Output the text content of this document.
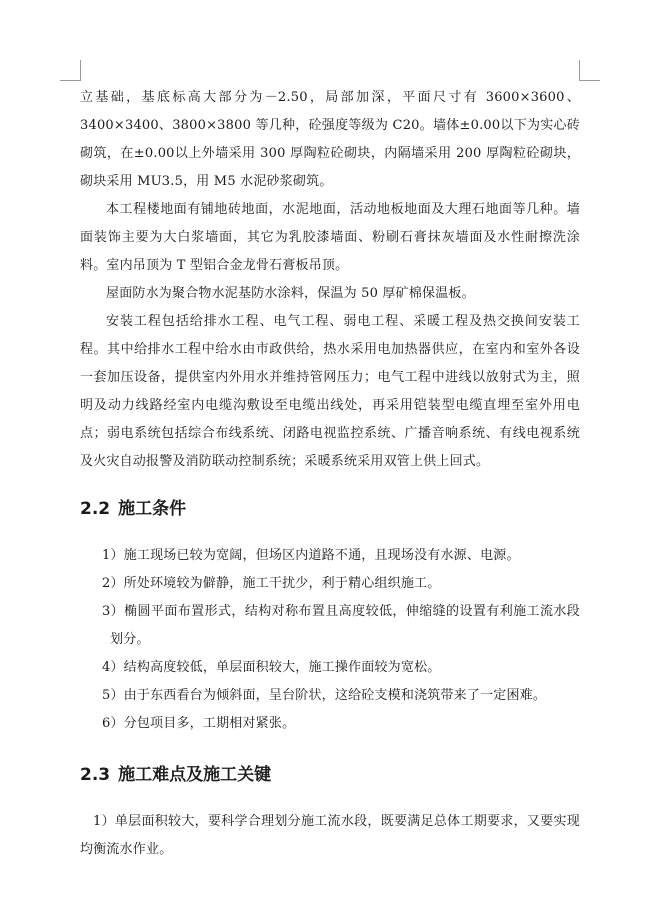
立基础，基底标高大部分为－2.50，局部加深，平面尺寸有 3600×3600、3400×3400、3800×3800 等几种，砼强度等级为 C20。墙体±0.00以下为实心砖砌筑，在±0.00以上外墙采用 300 厚陶粒砼砌块，内隔墙采用 200 厚陶粒砼砌块，砌块采用 MU3.5，用 M5 水泥砂浆砌筑。

本工程楼地面有铺地砖地面，水泥地面，活动地板地面及大理石地面等几种。墙面装饰主要为大白浆墙面，其它为乳胶漆墙面、粉刷石膏抹灰墙面及水性耐擦洗涂料。室内吊顶为 T 型铝合金龙骨石膏板吊顶。

屋面防水为聚合物水泥基防水涂料，保温为 50 厚矿棉保温板。

安装工程包括给排水工程、电气工程、弱电工程、采暖工程及热交换间安装工程。其中给排水工程中给水由市政供给，热水采用电加热器供应，在室内和室外各设一套加压设备，提供室内外用水并维持管网压力；电气工程中进线以放射式为主，照明及动力线路经室内电缆沟敷设至电缆出线处，再采用铠装型电缆直埋至室外用电点；弱电系统包括综合布线系统、闭路电视监控系统、广播音响系统、有线电视系统及火灾自动报警及消防联动控制系统；采暖系统采用双管上供上回式。

2.2 施工条件

1）施工现场已较为宽阔，但场区内道路不通，且现场没有水源、电源。

2）所处环境较为僻静，施工干扰少，利于精心组织施工。

3）椭圆平面布置形式，结构对称布置且高度较低，伸缩缝的设置有利施工流水段划分。

4）结构高度较低，单层面积较大，施工操作面较为宽松。

5）由于东西看台为倾斜面，呈台阶状，这给砼支模和浇筑带来了一定困难。

6）分包项目多，工期相对紧张。

2.3 施工难点及施工关键

1）单层面积较大，要科学合理划分施工流水段，既要满足总体工期要求，又要实现均衡流水作业。
